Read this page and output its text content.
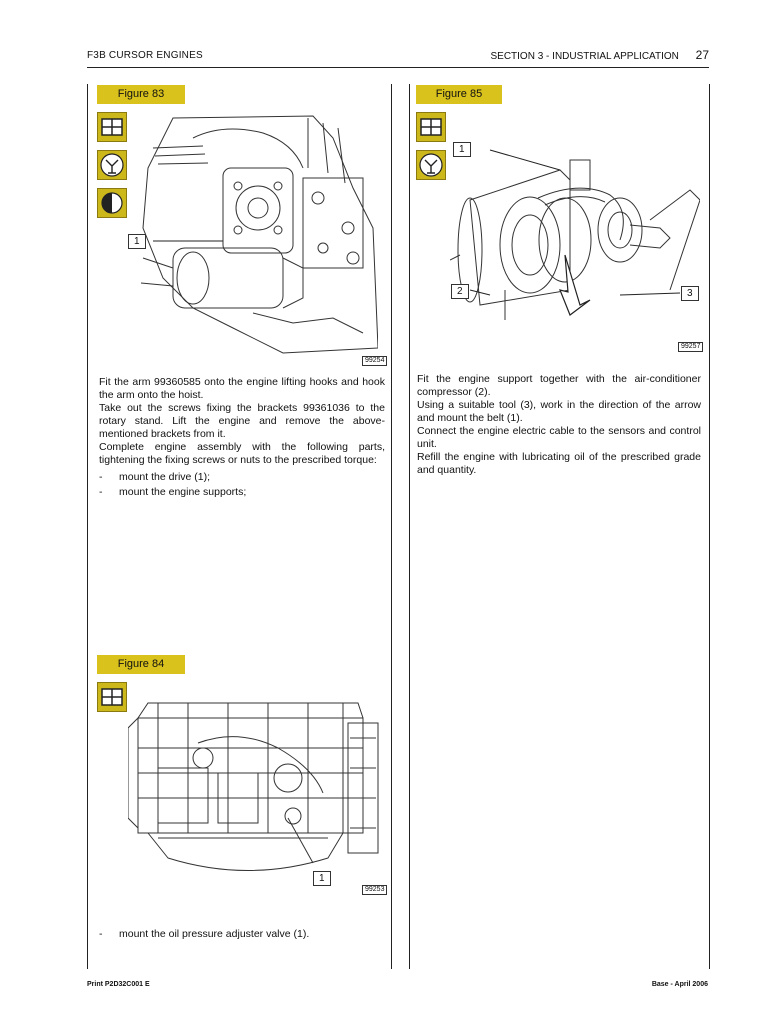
F3B CURSOR ENGINES	SECTION 3 - INDUSTRIAL APPLICATION 27
Figure 83
1
99254

Fit the arm 99360585 onto the engine lifting hooks and hook the arm onto the hoist.

Take out the screws fixing the brackets 99361036 to the rotary stand. Lift the engine and remove the above-mentioned brackets from it.

Complete engine assembly with the following parts, tightening the fixing screws or nuts to the prescribed torque:

-	mount the drive (1);
-	mount the engine supports;
Figure 84
1
99253
-	mount the oil pressure adjuster valve (1).
Figure 85
1
2	3
99257

Fit the engine support together with the air-conditioner compressor (2).

Using a suitable tool (3), work in the direction of the arrow and mount the belt (1).

Connect the engine electric cable to the sensors and control unit.

Refill the engine with lubricating oil of the prescribed grade and quantity.

Print P2D32C001 E	Base - April 2006
